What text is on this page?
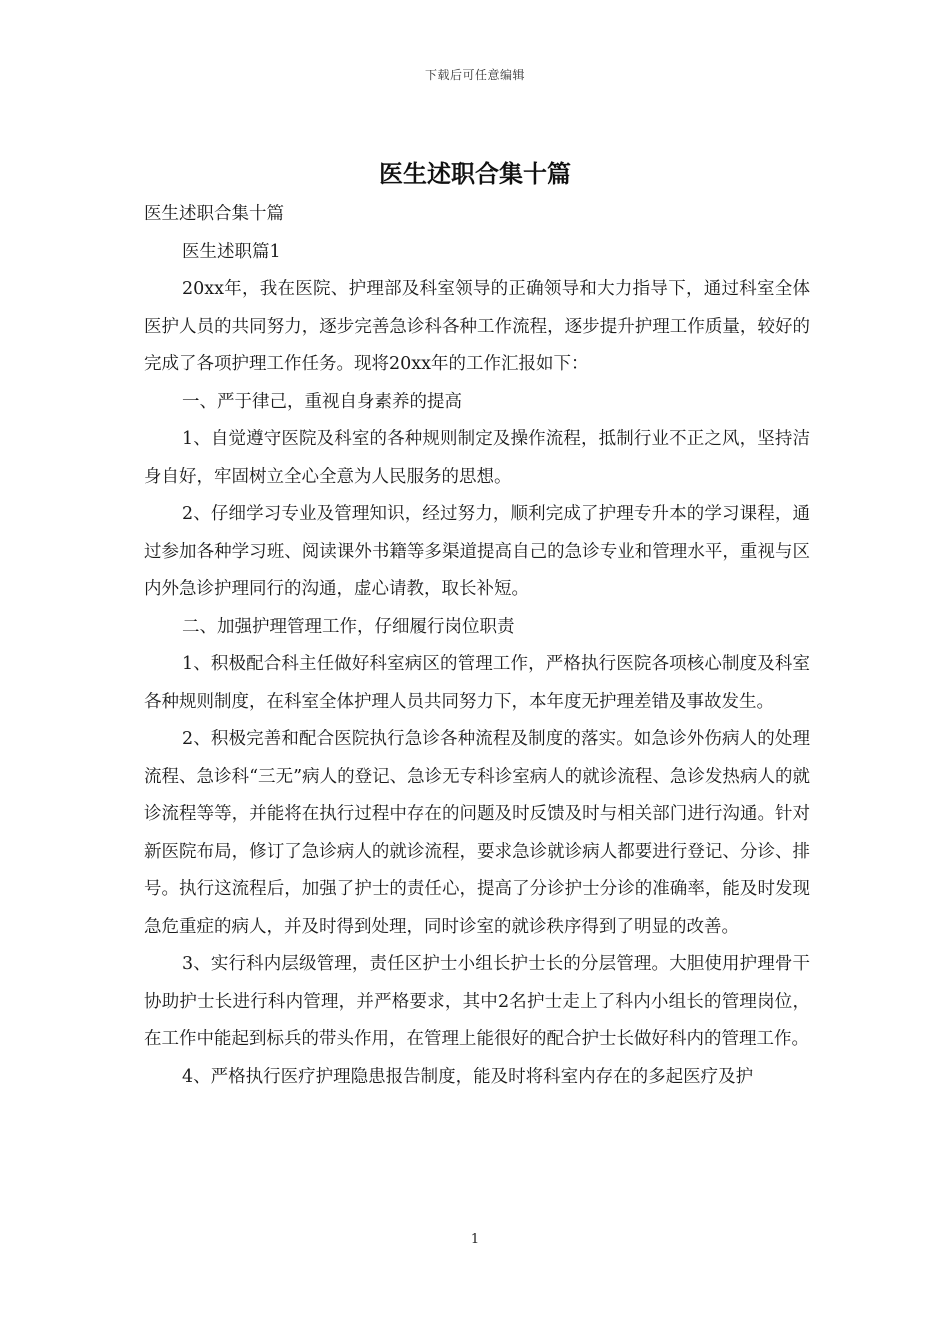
下载后可任意编辑
医生述职合集十篇

医生述职合集十篇

医生述职篇1

20xx年，我在医院、护理部及科室领导的正确领导和大力指导下，通过科室全体医护人员的共同努力，逐步完善急诊科各种工作流程，逐步提升护理工作质量，较好的完成了各项护理工作任务。现将20xx年的工作汇报如下：

一、严于律己，重视自身素养的提高

1、自觉遵守医院及科室的各种规则制定及操作流程，抵制行业不正之风，坚持洁身自好，牢固树立全心全意为人民服务的思想。

2、仔细学习专业及管理知识，经过努力，顺利完成了护理专升本的学习课程，通过参加各种学习班、阅读课外书籍等多渠道提高自己的急诊专业和管理水平，重视与区内外急诊护理同行的沟通，虚心请教，取长补短。

二、加强护理管理工作，仔细履行岗位职责

1、积极配合科主任做好科室病区的管理工作，严格执行医院各项核心制度及科室各种规则制度，在科室全体护理人员共同努力下，本年度无护理差错及事故发生。

2、积极完善和配合医院执行急诊各种流程及制度的落实。如急诊外伤病人的处理流程、急诊科“三无”病人的登记、急诊无专科诊室病人的就诊流程、急诊发热病人的就诊流程等等，并能将在执行过程中存在的问题及时反馈及时与相关部门进行沟通。针对新医院布局，修订了急诊病人的就诊流程，要求急诊就诊病人都要进行登记、分诊、排号。执行这流程后，加强了护士的责任心，提高了分诊护士分诊的准确率，能及时发现急危重症的病人，并及时得到处理，同时诊室的就诊秩序得到了明显的改善。

3、实行科内层级管理，责任区护士小组长护士长的分层管理。大胆使用护理骨干协助护士长进行科内管理，并严格要求，其中2名护士走上了科内小组长的管理岗位，在工作中能起到标兵的带头作用，在管理上能很好的配合护士长做好科内的管理工作。

4、严格执行医疗护理隐患报告制度，能及时将科室内存在的多起医疗及护

1
